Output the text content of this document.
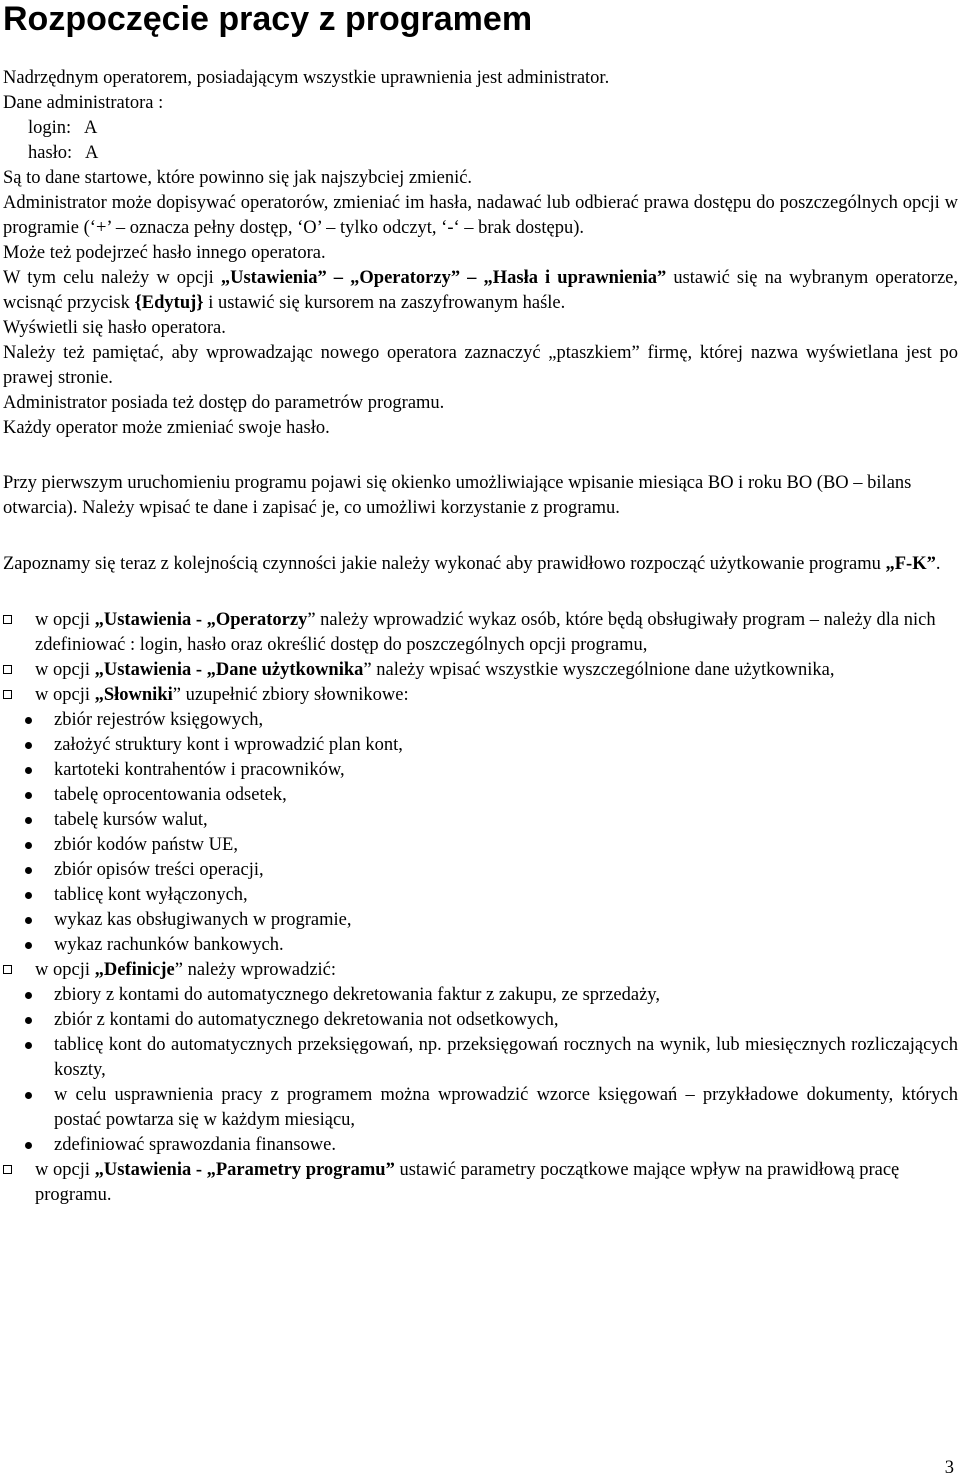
Rozpoczęcie pracy z programem

Nadrzędnym operatorem, posiadającym wszystkie uprawnienia jest administrator.

Dane administratora :

login:   A

hasło:   A

Są to dane startowe, które powinno się jak najszybciej zmienić.

Administrator może dopisywać operatorów, zmieniać im hasła, nadawać lub odbierać prawa dostępu do poszczególnych opcji w programie (‘+’ – oznacza pełny dostęp, ‘O’ – tylko odczyt, ‘-‘ – brak dostępu).

Może też podejrzeć hasło innego operatora.

W tym celu należy w opcji „Ustawienia” – „Operatorzy” – „Hasła i uprawnienia” ustawić się na wybranym operatorze, wcisnąć przycisk {Edytuj} i ustawić się kursorem na zaszyfrowanym haśle.

Wyświetli się hasło operatora.

Należy też pamiętać, aby wprowadzając nowego operatora zaznaczyć „ptaszkiem” firmę, której nazwa wyświetlana jest po prawej stronie.

Administrator posiada też dostęp do parametrów programu.

Każdy operator może zmieniać swoje hasło.

Przy pierwszym uruchomieniu programu pojawi się okienko umożliwiające wpisanie miesiąca BO i roku BO (BO – bilans otwarcia). Należy wpisać te dane i zapisać je, co umożliwi korzystanie z programu.

Zapoznamy się teraz z kolejnością czynności jakie należy wykonać aby prawidłowo rozpocząć użytkowanie programu „F-K”.

w opcji „Ustawienia - „Operatorzy” należy wprowadzić wykaz osób, które będą obsługiwały program – należy dla nich zdefiniować : login, hasło oraz określić dostęp do poszczególnych opcji programu,
w opcji „Ustawienia - „Dane użytkownika” należy wpisać wszystkie wyszczególnione dane użytkownika,
w opcji „Słowniki” uzupełnić zbiory słownikowe:
zbiór rejestrów księgowych,
założyć struktury kont i wprowadzić plan kont,
kartoteki kontrahentów i pracowników,
tabelę oprocentowania odsetek,
tabelę kursów walut,
zbiór kodów państw UE,
zbiór opisów treści operacji,
tablicę kont wyłączonych,
wykaz kas obsługiwanych w programie,
wykaz rachunków bankowych.
w opcji „Definicje” należy wprowadzić:
zbiory z kontami do automatycznego dekretowania faktur z zakupu, ze sprzedaży,
zbiór z kontami do automatycznego dekretowania not odsetkowych,
tablicę kont do automatycznych przeksięgowań, np. przeksięgowań rocznych na wynik, lub miesięcznych rozliczających koszty,
w celu usprawnienia pracy z programem można wprowadzić wzorce księgowań – przykładowe dokumenty, których postać powtarza się w każdym miesiącu,
zdefiniować sprawozdania finansowe.
w opcji „Ustawienia - „Parametry programu” ustawić parametry początkowe mające wpływ na prawidłową pracę programu.
3
